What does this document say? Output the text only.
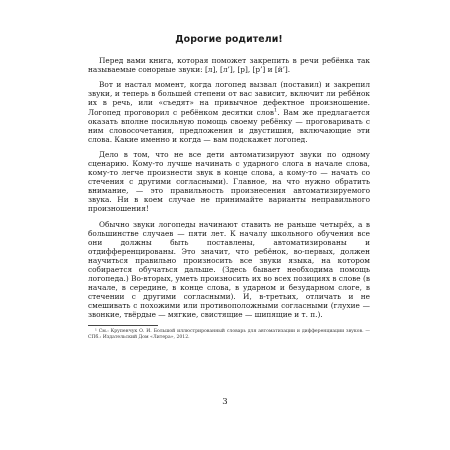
Дорогие родители!

Перед вами книга, которая поможет закрепить в речи ребёнка так называемые сонорные звуки: [л], [л’], [р], [р’] и [й’].

Вот и настал момент, когда логопед вызвал (поставил) и закрепил звуки, и теперь в большей степени от вас зависит, включит ли ребёнок их в речь, или «съедят» на привычное дефектное произношение. Логопед проговорил с ребёнком десятки слов$^1$. Вам же предлагается оказать вполне посильную помощь своему ребёнку — проговаривать с ним словосочетания, предложения и двустишия, включающие эти слова. Какие именно и когда — вам подскажет логопед.

Дело в том, что не все дети автоматизируют звуки по одному сценарию. Кому-то лучше начинать с ударного слога в начале слова, кому-то легче произнести звук в конце слова, а кому-то — начать со стечения с другими согласными). Главное, на что нужно обратить внимание, — это правильность произнесения автоматизируемого звука. Ни в коем случае не принимайте варианты неправильного произношения!

Обычно звуки логопеды начинают ставить не раньше четырёх, а в большинстве случаев — пяти лет. К началу школьного обучения все они должны быть поставлены, автоматизированы и отдифференцированы. Это значит, что ребёнок, во-первых, должен научиться правильно произносить все звуки языка, на котором собирается обучаться дальше. (Здесь бывает необходима помощь логопеда.) Во-вторых, уметь произносить их во всех позициях в слове (в начале, в середине, в конце слова, в ударном и безударном слоге, в стечении с другими согласными). И, в-третьих, отличать и не смешивать с похожими или противоположными согласными (глухие — звонкие, твёрдые — мягкие, свистящие — шипящие и т. п.).

¹ См.: Крупенчук О. И. Большой иллюстрированный словарь для автоматизации и дифференциации звуков. — СПб.: Издательский Дом «Литера», 2012.

3
